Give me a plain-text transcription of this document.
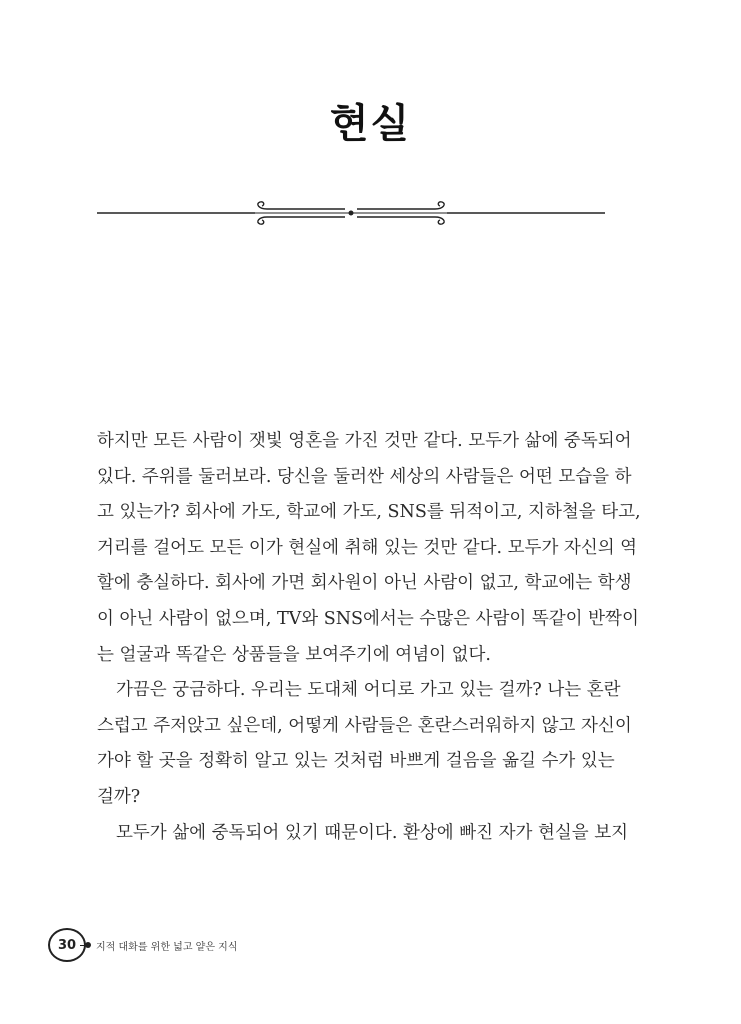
현실
하지만 모든 사람이 잿빛 영혼을 가진 것만 같다. 모두가 삶에 중독되어
있다. 주위를 둘러보라. 당신을 둘러싼 세상의 사람들은 어떤 모습을 하
고 있는가? 회사에 가도, 학교에 가도, SNS를 뒤적이고, 지하철을 타고,
거리를 걸어도 모든 이가 현실에 취해 있는 것만 같다. 모두가 자신의 역
할에 충실하다. 회사에 가면 회사원이 아닌 사람이 없고, 학교에는 학생
이 아닌 사람이 없으며, TV와 SNS에서는 수많은 사람이 똑같이 반짝이
는 얼굴과 똑같은 상품들을 보여주기에 여념이 없다.
가끔은 궁금하다. 우리는 도대체 어디로 가고 있는 걸까? 나는 혼란
스럽고 주저앉고 싶은데, 어떻게 사람들은 혼란스러워하지 않고 자신이
가야 할 곳을 정확히 알고 있는 것처럼 바쁘게 걸음을 옮길 수가 있는
걸까?
모두가 삶에 중독되어 있기 때문이다. 환상에 빠진 자가 현실을 보지
30	지적 대화를 위한 넓고 얕은 지식
